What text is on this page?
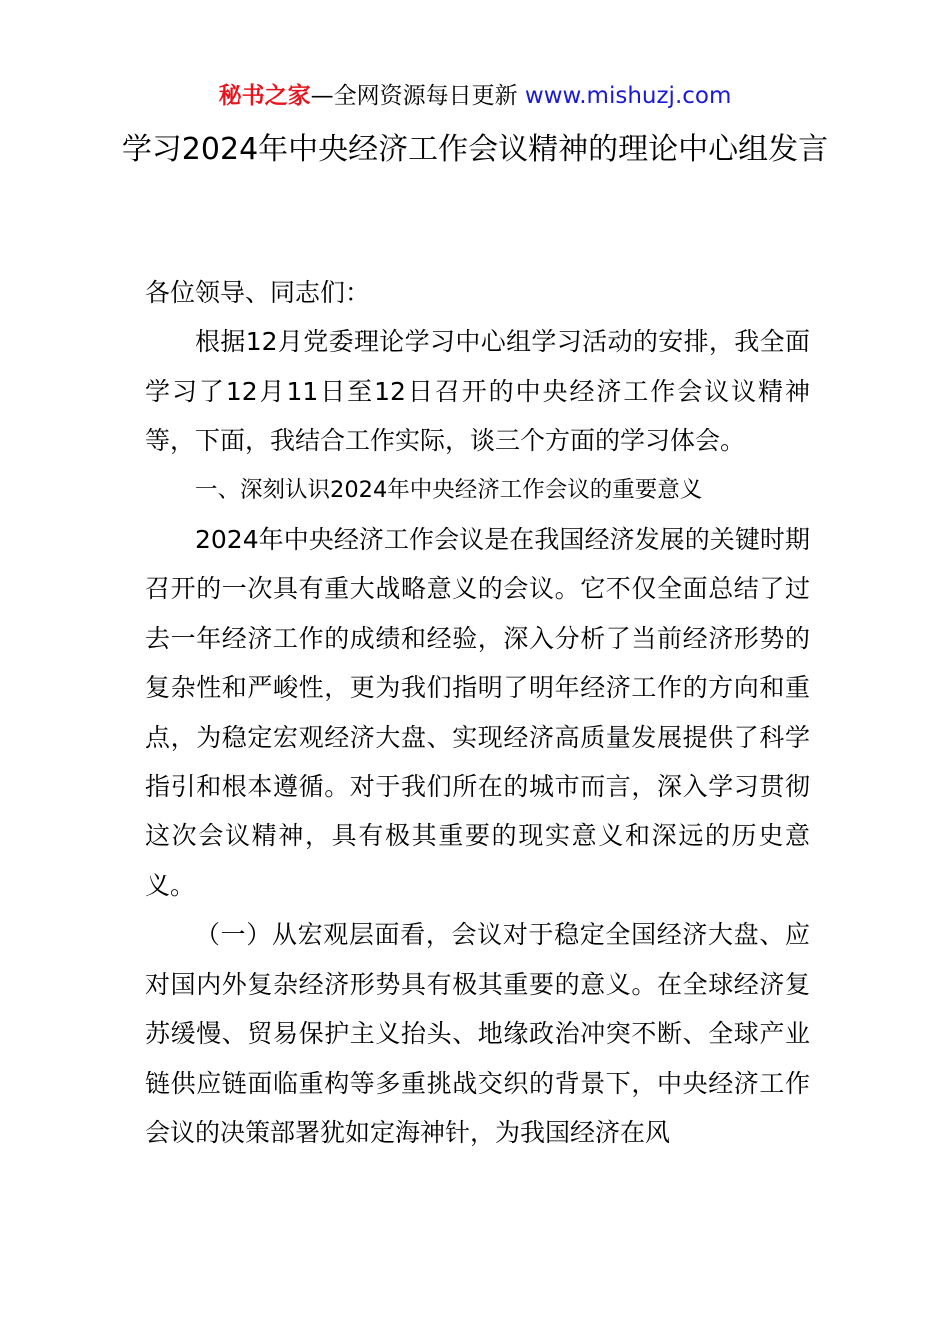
秘书之家—全网资源每日更新 www.mishuzj.com
学习2024年中央经济工作会议精神的理论中心组发言

各位领导、同志们：

根据12月党委理论学习中心组学习活动的安排，我全面学习了12月11日至12日召开的中央经济工作会议议精神等，下面，我结合工作实际，谈三个方面的学习体会。

一、深刻认识2024年中央经济工作会议的重要意义

2024年中央经济工作会议是在我国经济发展的关键时期召开的一次具有重大战略意义的会议。它不仅全面总结了过去一年经济工作的成绩和经验，深入分析了当前经济形势的复杂性和严峻性，更为我们指明了明年经济工作的方向和重点，为稳定宏观经济大盘、实现经济高质量发展提供了科学指引和根本遵循。对于我们所在的城市而言，深入学习贯彻这次会议精神，具有极其重要的现实意义和深远的历史意义。

（一）从宏观层面看，会议对于稳定全国经济大盘、应对国内外复杂经济形势具有极其重要的意义。在全球经济复苏缓慢、贸易保护主义抬头、地缘政治冲突不断、全球产业链供应链面临重构等多重挑战交织的背景下，中央经济工作会议的决策部署犹如定海神针，为我国经济在风
